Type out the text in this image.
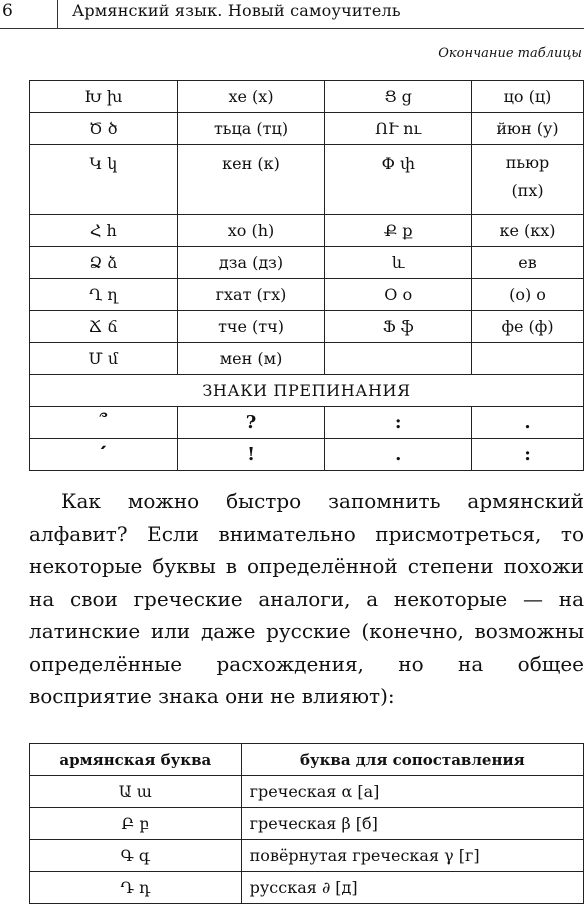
6	Армянский язык. Новый самоучитель
Окончание таблицы
Խ խ	хе (х)	Ց ց	цо (ц)
Ծ ծ	тьца (тц)	ՈՒ ու	йюн (у)
Կ կ	кен (к)	Փ փ	пьюр (пх)
Հ h	хо (h)	Ք ք	ке (кх)
Ձ ձ	дза (дз)	և	ев
Ղ ղ	гхат (гх)	Օ օ	(о) о
Ճ ճ	тче (тч)	Ֆ ֆ	фе (ф)
Մ մ	мен (м)		
ЗНАКИ ПРЕПИНАНИЯ			
՞	?	:	.
՛	!	.	:

Как можно быстро запомнить армянский алфавит? Если внимательно присмотреться, то некоторые буквы в определённой степени похожи на свои греческие аналоги, а некоторые — на латинские или даже русские (конечно, возможны определённые расхождения, но на общее восприятие знака они не влияют):

армянская буква	буква для сопоставления
Ա ա	греческая α [а]
Բ բ	греческая β [б]
Գ գ	повёрнутая греческая γ [г]
Դ դ	русская ∂ [д]
